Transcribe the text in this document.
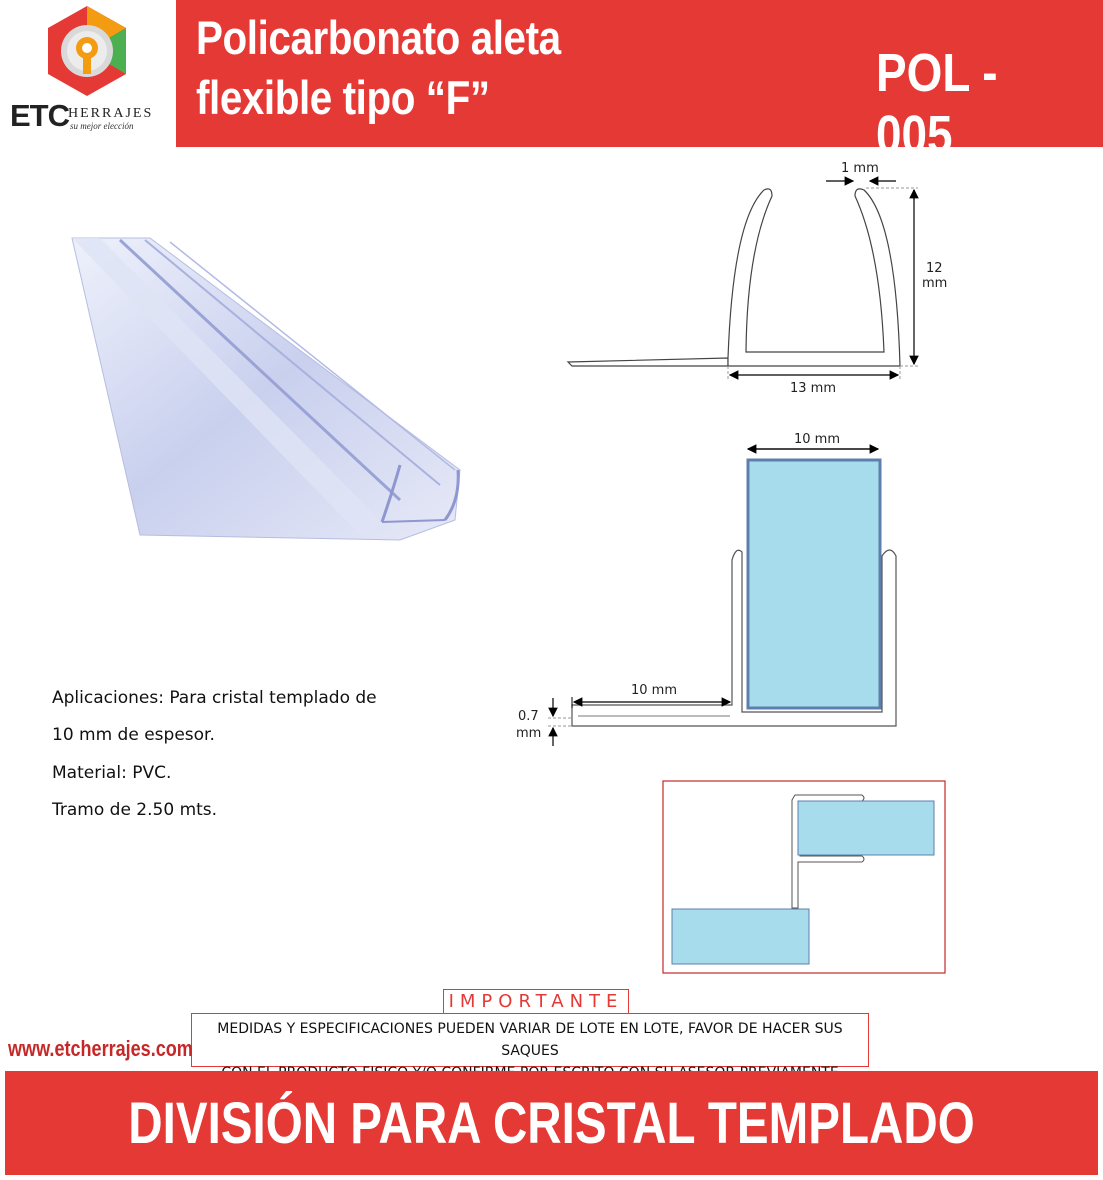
ETC HERRAJES
su mejor elección
Policarbonato aleta
flexible tipo “F”	POL - 005
Aplicaciones: Para cristal templado de
10 mm de espesor.
Material: PVC.
Tramo de 2.50 mts.
1 mm
12
mm
13 mm
10 mm
10 mm
0.7
mm
IMPORTANTE
MEDIDAS Y ESPECIFICACIONES PUEDEN VARIAR DE LOTE EN LOTE, FAVOR DE HACER SUS SAQUES
www.etcherrajes.com
DIVISIÓN PARA CRISTAL TEMPLADO
